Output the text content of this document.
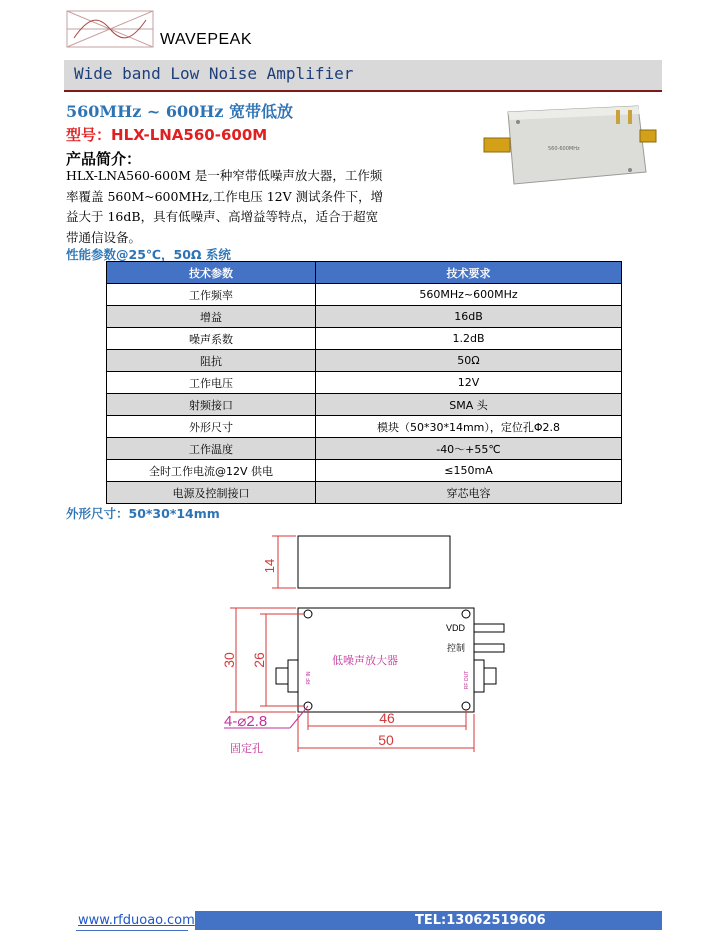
WAVEPEAK
Wide band Low Noise Amplifier
560MHz ~ 600Hz 宽带低放
型号：HLX-LNA560-600M
产品简介：
HLX-LNA560-600M 是一种窄带低噪声放大器，工作频率覆盖 560M~600MHz,工作电压 12V 测试条件下，增益大于 16dB，具有低噪声、高增益等特点，适合于超宽带通信设备。
560-600MHz
性能参数@25℃，50Ω 系统
技术参数	技术要求
工作频率	560MHz~600MHz
增益	16dB
噪声系数	1.2dB
阻抗	50Ω
工作电压	12V
射频接口	SMA 头
外形尺寸	模块（50*30*14mm），定位孔Φ2.8
工作温度	-40～+55℃
全时工作电流@12V 供电	≤150mA
电源及控制接口	穿芯电容
外形尺寸：50*30*14mm
14
VDD
控制
低噪声放大器
RF IN	RF OUT
30 26
46
50
4-⌀2.8
固定孔
www.rfduoao.com	TEL:13062519606
